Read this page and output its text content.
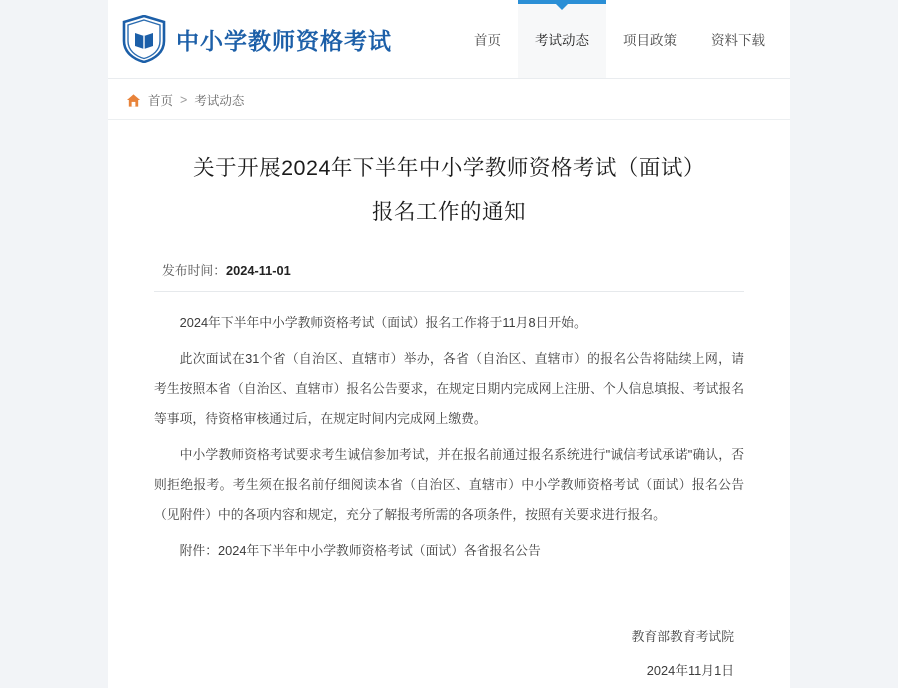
中小学教师资格考试	首页	考试动态	项目政策	资料下载
首页 > 考试动态
关于开展2024年下半年中小学教师资格考试（面试）
报名工作的通知
发布时间：2024-11-01

2024年下半年中小学教师资格考试（面试）报名工作将于11月8日开始。

此次面试在31个省（自治区、直辖市）举办，各省（自治区、直辖市）的报名公告将陆续上网，请考生按照本省（自治区、直辖市）报名公告要求，在规定日期内完成网上注册、个人信息填报、考试报名等事项，待资格审核通过后，在规定时间内完成网上缴费。

中小学教师资格考试要求考生诚信参加考试，并在报名前通过报名系统进行"诚信考试承诺"确认，否则拒绝报考。考生须在报名前仔细阅读本省（自治区、直辖市）中小学教师资格考试（面试）报名公告（见附件）中的各项内容和规定，充分了解报考所需的各项条件，按照有关要求进行报名。

附件：2024年下半年中小学教师资格考试（面试）各省报名公告

教育部教育考试院
2024年11月1日
